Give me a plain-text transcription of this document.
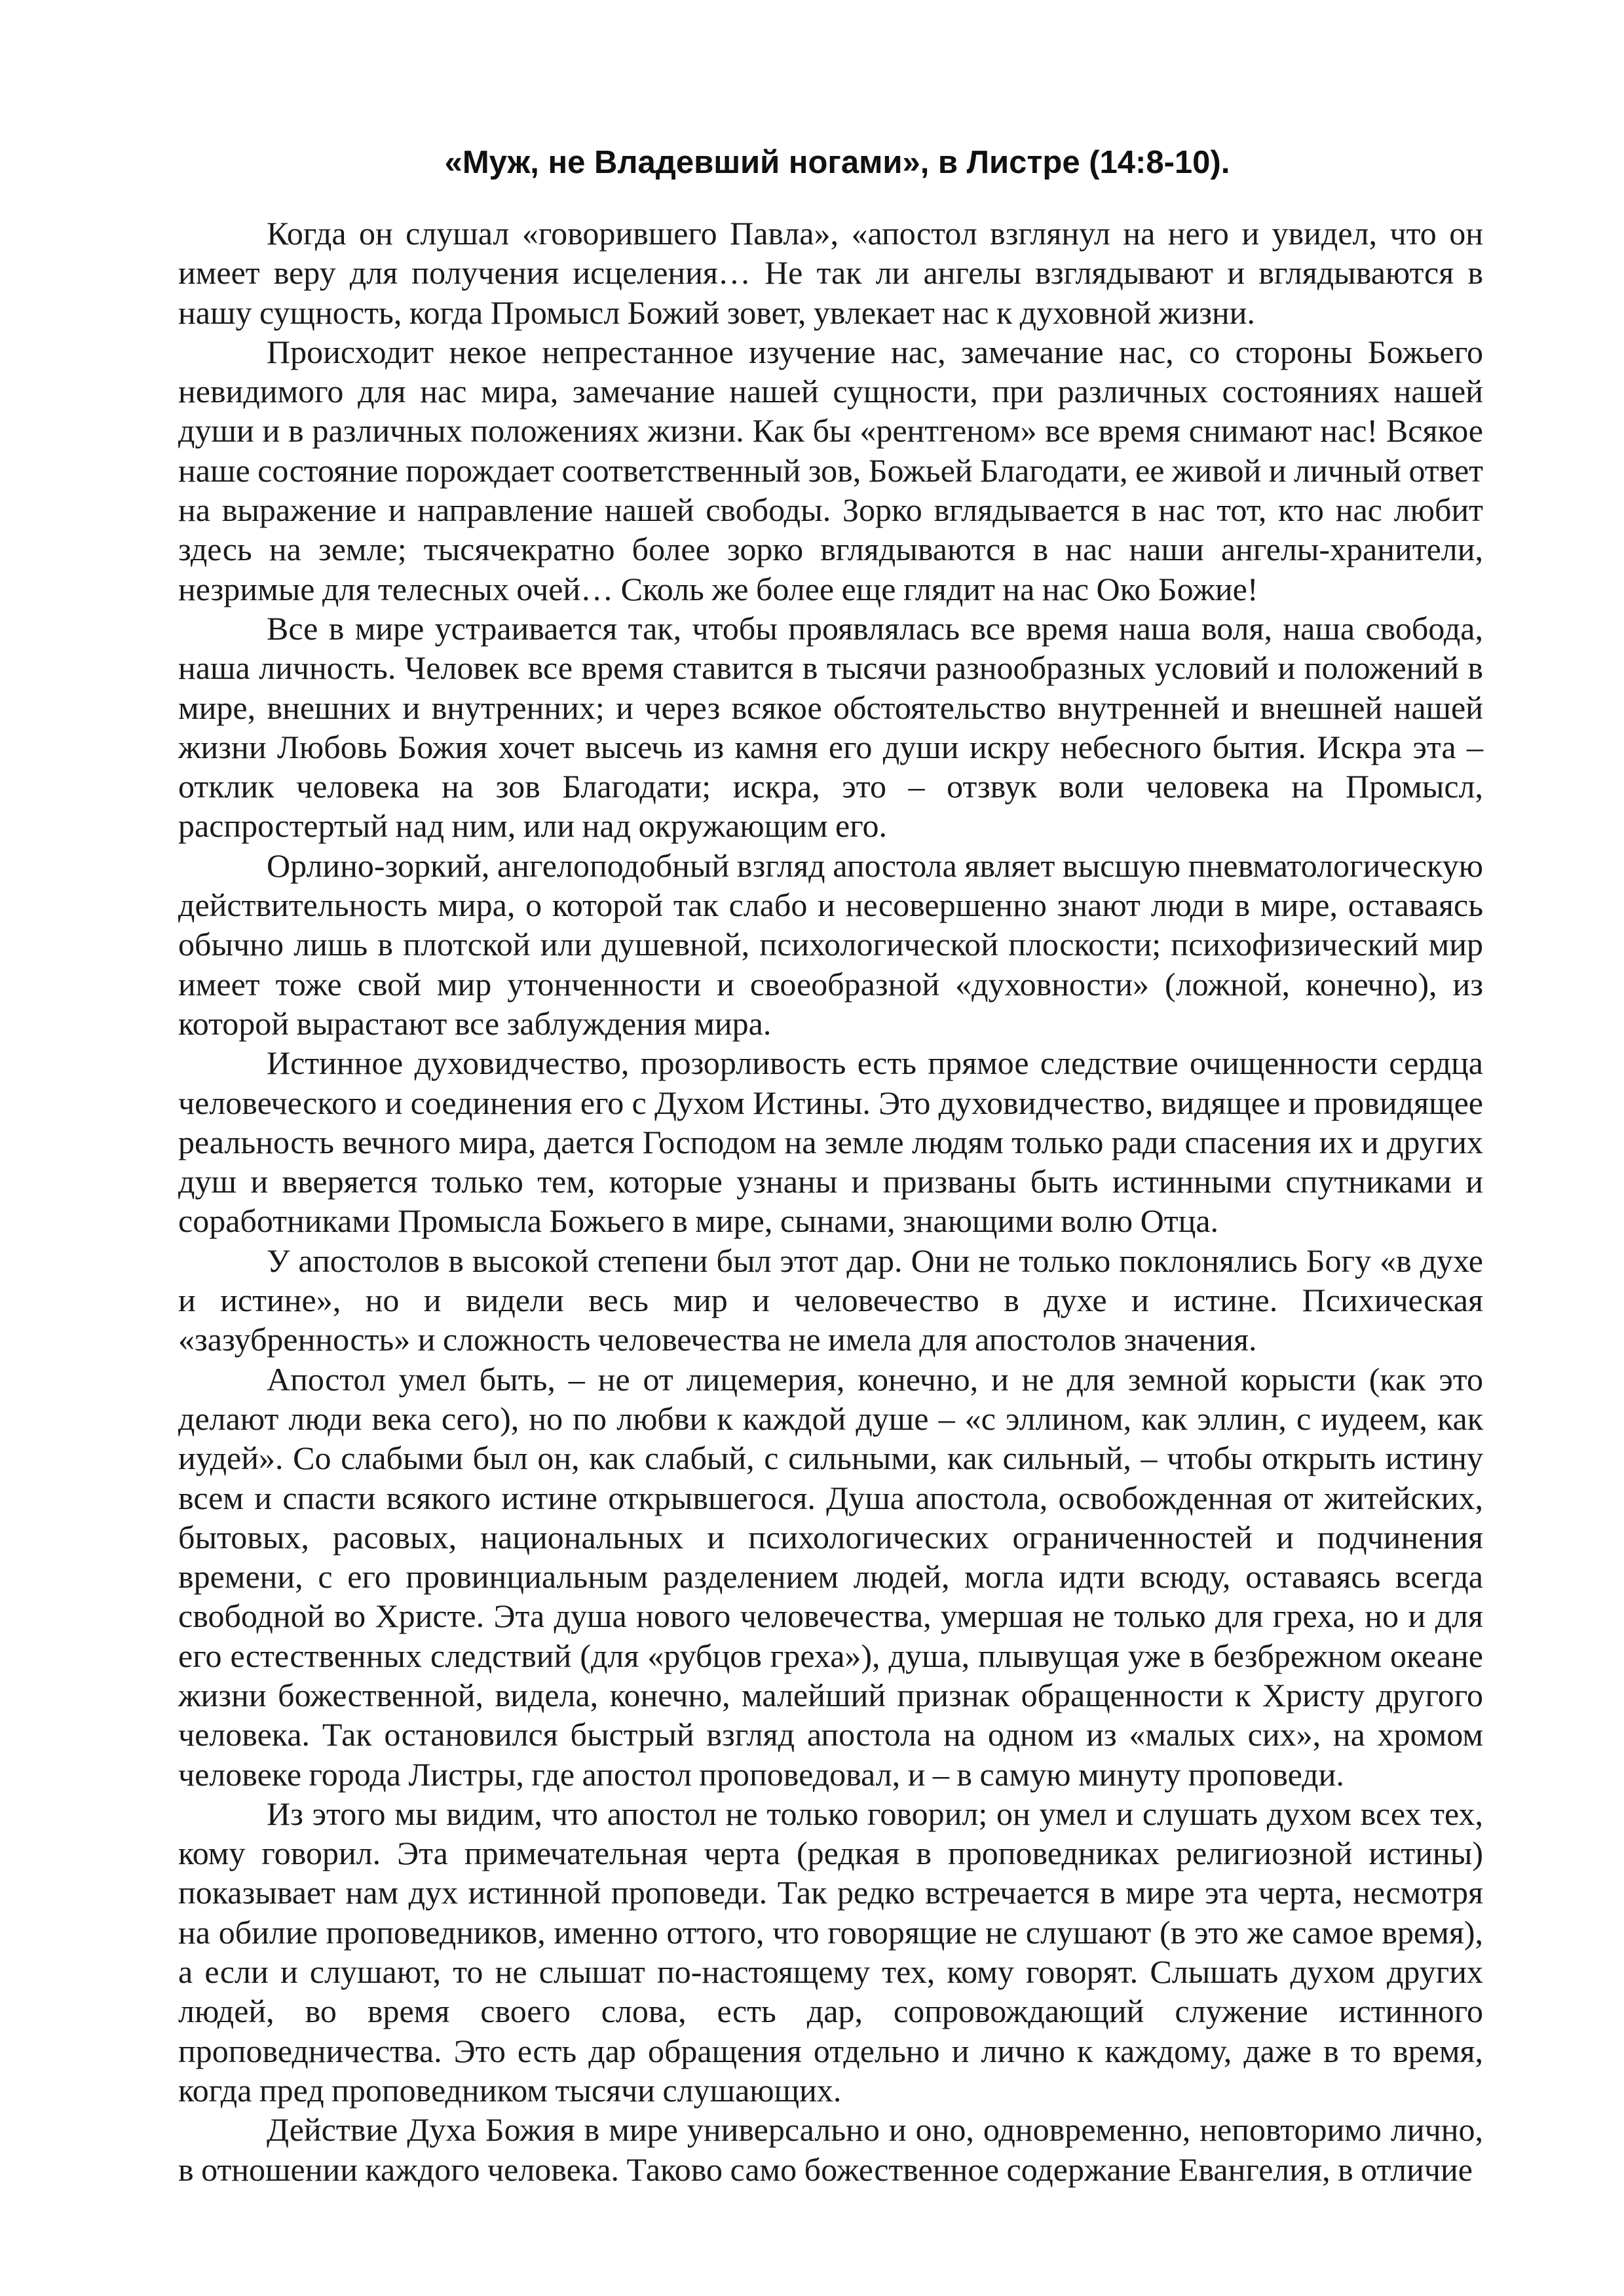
«Муж, не Владевший ногами», в Листре (14:8-10).

Когда он слушал «говорившего Павла», «апостол взглянул на него и увидел, что он имеет веру для получения исцеления… Не так ли ангелы взглядывают и вглядываются в нашу сущность, когда Промысл Божий зовет, увлекает нас к духовной жизни.

Происходит некое непрестанное изучение нас, замечание нас, со стороны Божьего невидимого для нас мира, замечание нашей сущности, при различных состояниях нашей души и в различных положениях жизни. Как бы «рентгеном» все время снимают нас! Всякое наше состояние порождает соответственный зов, Божьей Благодати, ее живой и личный ответ на выражение и направление нашей свободы. Зорко вглядывается в нас тот, кто нас любит здесь на земле; тысячекратно более зорко вглядываются в нас наши ангелы-хранители, незримые для телесных очей… Сколь же более еще глядит на нас Око Божие!

Все в мире устраивается так, чтобы проявлялась все время наша воля, наша свобода, наша личность. Человек все время ставится в тысячи разнообразных условий и положений в мире, внешних и внутренних; и через всякое обстоятельство внутренней и внешней нашей жизни Любовь Божия хочет высечь из камня его души искру небесного бытия. Искра эта – отклик человека на зов Благодати; искра, это – отзвук воли человека на Промысл, распростертый над ним, или над окружающим его.

Орлино-зоркий, ангелоподобный взгляд апостола являет высшую пневматологическую действительность мира, о которой так слабо и несовершенно знают люди в мире, оставаясь обычно лишь в плотской или душевной, психологической плоскости; психофизический мир имеет тоже свой мир утонченности и своеобразной «духовности» (ложной, конечно), из которой вырастают все заблуждения мира.

Истинное духовидчество, прозорливость есть прямое следствие очищенности сердца человеческого и соединения его с Духом Истины. Это духовидчество, видящее и провидящее реальность вечного мира, дается Господом на земле людям только ради спасения их и других душ и вверяется только тем, которые узнаны и призваны быть истинными спутниками и соработниками Промысла Божьего в мире, сынами, знающими волю Отца.

У апостолов в высокой степени был этот дар. Они не только поклонялись Богу «в духе и истине», но и видели весь мир и человечество в духе и истине. Психическая «зазубренность» и сложность человечества не имела для апостолов значения.

Апостол умел быть, – не от лицемерия, конечно, и не для земной корысти (как это делают люди века сего), но по любви к каждой душе – «с эллином, как эллин, с иудеем, как иудей». Со слабыми был он, как слабый, с сильными, как сильный, – чтобы открыть истину всем и спасти всякого истине открывшегося. Душа апостола, освобожденная от житейских, бытовых, расовых, национальных и психологических ограниченностей и подчинения времени, с его провинциальным разделением людей, могла идти всюду, оставаясь всегда свободной во Христе. Эта душа нового человечества, умершая не только для греха, но и для его естественных следствий (для «рубцов греха»), душа, плывущая уже в безбрежном океане жизни божественной, видела, конечно, малейший признак обращенности к Христу другого человека. Так остановился быстрый взгляд апостола на одном из «малых сих», на хромом человеке города Листры, где апостол проповедовал, и – в самую минуту проповеди.

Из этого мы видим, что апостол не только говорил; он умел и слушать духом всех тех, кому говорил. Эта примечательная черта (редкая в проповедниках религиозной истины) показывает нам дух истинной проповеди. Так редко встречается в мире эта черта, несмотря на обилие проповедников, именно оттого, что говорящие не слушают (в это же самое время), а если и слушают, то не слышат по-настоящему тех, кому говорят. Слышать духом других людей, во время своего слова, есть дар, сопровождающий служение истинного проповедничества. Это есть дар обращения отдельно и лично к каждому, даже в то время, когда пред проповедником тысячи слушающих.

Действие Духа Божия в мире универсально и оно, одновременно, неповторимо лично, в отношении каждого человека. Таково само божественное содержание Евангелия, в отличие
